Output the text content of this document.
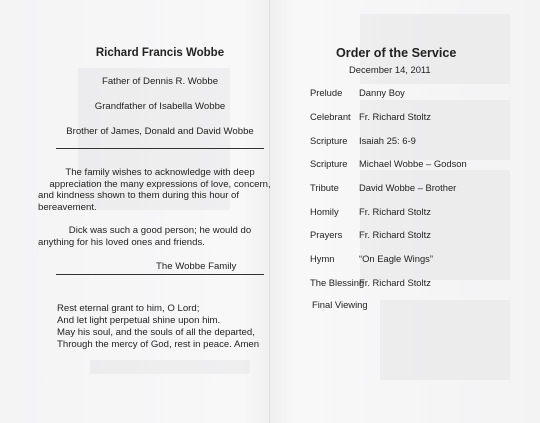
Richard Francis Wobbe
Father of Dennis R. Wobbe
Grandfather of Isabella Wobbe
Brother of James, Donald and David Wobbe
The family wishes to acknowledge with deep
appreciation the many expressions of love, concern,
and kindness shown to them during this hour of
bereavement.
Dick was such a good person; he would do
anything for his loved ones and friends.
The Wobbe Family
Rest eternal grant to him, O Lord;
And let light perpetual shine upon him.
May his soul, and the souls of all the departed,
Through the mercy of God, rest in peace. Amen
Order of the Service
December 14, 2011
Prelude Danny Boy
Celebrant Fr. Richard Stoltz
Scripture Isaiah 25: 6-9
Scripture Michael Wobbe – Godson
Tribute David Wobbe – Brother
Homily Fr. Richard Stoltz
Prayers Fr. Richard Stoltz
Hymn	“On Eagle Wings”
The Blessing
Fr. Richard Stoltz
Final Viewing
